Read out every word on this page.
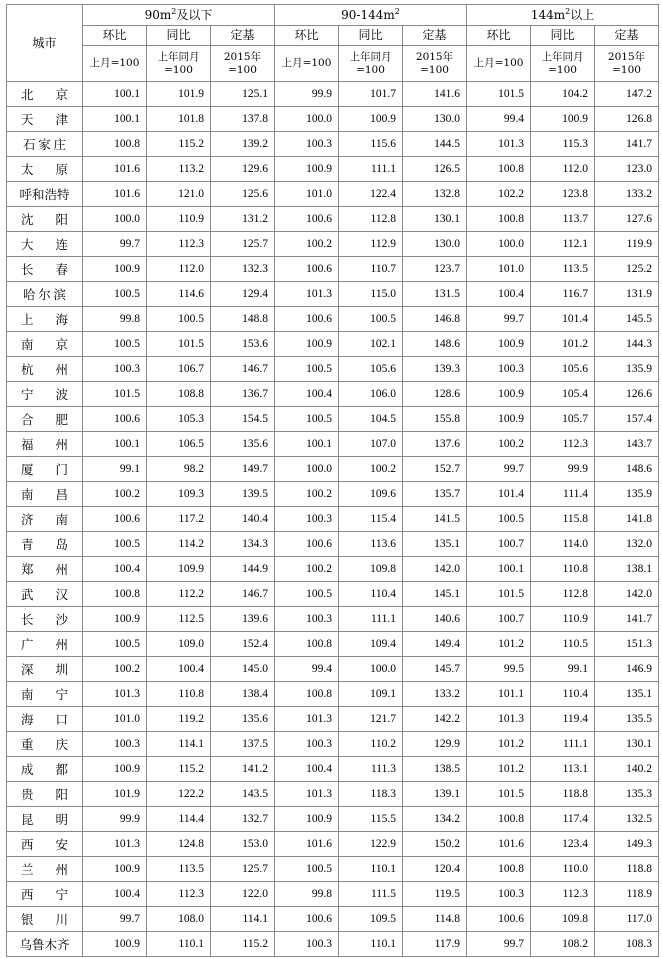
城市	$90m^2$及以下			$90-144m^2$			$144m^2$以上		
	环比	同比	定基	环比	同比	定基	环比	同比	定基
	上月=100	上年同月=100	2015年=100	上月=100	上年同月=100	2015年=100	上月=100	上年同月=100	2015年=100

北 京	100.1	101.9	125.1	99.9	101.7	141.6	101.5	104.2	147.2

天 津	100.1	101.8	137.8	100.0	100.9	130.0	99.4	100.9	126.8

石 家 庄	100.8	115.2	139.2	100.3	115.6	144.5	101.3	115.3	141.7

太 原	101.6	113.2	129.6	100.9	111.1	126.5	100.8	112.0	123.0
呼和浩特	101.6	121.0	125.6	101.0	122.4	132.8	102.2	123.8	133.2

沈 阳	100.0	110.9	131.2	100.6	112.8	130.1	100.8	113.7	127.6

大 连	99.7	112.3	125.7	100.2	112.9	130.0	100.0	112.1	119.9

长 春	100.9	112.0	132.3	100.6	110.7	123.7	101.0	113.5	125.2

哈 尔 滨	100.5	114.6	129.4	101.3	115.0	131.5	100.4	116.7	131.9

上 海	99.8	100.5	148.8	100.6	100.5	146.8	99.7	101.4	145.5

南 京	100.5	101.5	153.6	100.9	102.1	148.6	100.9	101.2	144.3

杭 州	100.3	106.7	146.7	100.5	105.6	139.3	100.3	105.6	135.9

宁 波	101.5	108.8	136.7	100.4	106.0	128.6	100.9	105.4	126.6

合 肥	100.6	105.3	154.5	100.5	104.5	155.8	100.9	105.7	157.4

福 州	100.1	106.5	135.6	100.1	107.0	137.6	100.2	112.3	143.7

厦 门	99.1	98.2	149.7	100.0	100.2	152.7	99.7	99.9	148.6

南 昌	100.2	109.3	139.5	100.2	109.6	135.7	101.4	111.4	135.9

济 南	100.6	117.2	140.4	100.3	115.4	141.5	100.5	115.8	141.8

青 岛	100.5	114.2	134.3	100.6	113.6	135.1	100.7	114.0	132.0

郑 州	100.4	109.9	144.9	100.2	109.8	142.0	100.1	110.8	138.1

武 汉	100.8	112.2	146.7	100.5	110.4	145.1	101.5	112.8	142.0

长 沙	100.9	112.5	139.6	100.3	111.1	140.6	100.7	110.9	141.7

广 州	100.5	109.0	152.4	100.8	109.4	149.4	101.2	110.5	151.3

深 圳	100.2	100.4	145.0	99.4	100.0	145.7	99.5	99.1	146.9

南 宁	101.3	110.8	138.4	100.8	109.1	133.2	101.1	110.4	135.1

海 口	101.0	119.2	135.6	101.3	121.7	142.2	101.3	119.4	135.5

重 庆	100.3	114.1	137.5	100.3	110.2	129.9	101.2	111.1	130.1

成 都	100.9	115.2	141.2	100.4	111.3	138.5	101.2	113.1	140.2

贵 阳	101.9	122.2	143.5	101.3	118.3	139.1	101.5	118.8	135.3

昆 明	99.9	114.4	132.7	100.9	115.5	134.2	100.8	117.4	132.5

西 安	101.3	124.8	153.0	101.6	122.9	150.2	101.6	123.4	149.3

兰 州	100.9	113.5	125.7	100.5	110.1	120.4	100.8	110.0	118.8

西 宁	100.4	112.3	122.0	99.8	111.5	119.5	100.3	112.3	118.9

银 川	99.7	108.0	114.1	100.6	109.5	114.8	100.6	109.8	117.0
乌鲁木齐	100.9	110.1	115.2	100.3	110.1	117.9	99.7	108.2	108.3
